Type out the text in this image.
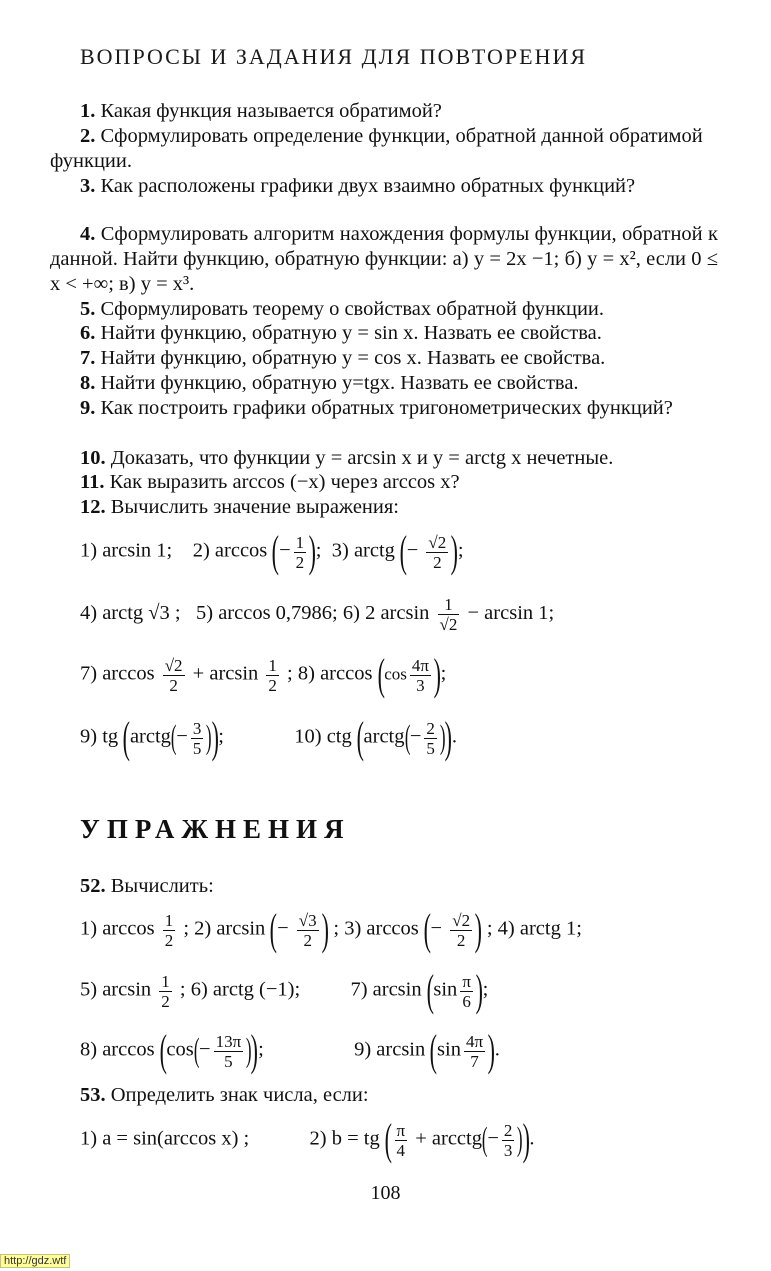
ВОПРОСЫ И ЗАДАНИЯ ДЛЯ ПОВТОРЕНИЯ
1. Какая функция называется обратимой?
2. Сформулировать определение функции, обратной данной обратимой функции.
3. Как расположены графики двух взаимно обратных функций?
4. Сформулировать алгоритм нахождения формулы функции, обратной к данной. Найти функцию, обратную функции: а) y = 2x −1; б) y = x², если 0 ≤ x < +∞; в) y = x³.
5. Сформулировать теорему о свойствах обратной функции.
6. Найти функцию, обратную y = sin x. Назвать ее свойства.
7. Найти функцию, обратную y = cos x. Назвать ее свойства.
8. Найти функцию, обратную y=tgx. Назвать ее свойства.
9. Как построить графики обратных тригонометрических функций?
10. Доказать, что функции y = arcsin x и y = arctg x нечетные.
11. Как выразить arccos (−x) через arccos x?
12. Вычислить значение выражения:
1) arcsin 1; 2) arccos (− $\frac{1}{2}$ );  3) arctg (− $\frac{√2}{2}$ );
4) arctg √3 ; 5) arccos 0,7986; 6) 2 $\arcsin \frac{1}{√2} - \arcsin 1$;
7) $\arccos \frac{√2}{2} + \arcsin \frac{1}{2}$ ; 8) $\arccos (\cos \frac{4\pi}{3}$ );
9) tg (arctg(− $\frac{3}{5}$ ));	10) ctg (arctg(− $\frac{2}{5}$ )).
УПРАЖНЕНИЯ
52. Вычислить:
1) $\arccos \frac{1}{2}$ ; 2) arcsin (− $\frac{√3}{2}$ ) ; 3) arccos (− $\frac{√2}{2}$ ) ; 4) arctg 1;
5) $\arcsin \frac{1}{2}$ ; 6) arctg (−1); 7) $\arcsin (\sin \frac{\pi}{6}$ );
8) $\arccos (\cos(- \frac{13\pi}{5}$ ));	9) $\arcsin (\sin \frac{4\pi}{7}$ ).
53. Определить знак числа, если:
1) a = sin(arccos x) ;	2) b = tg ( $\frac{\pi}{4}$ + arcctg(− $\frac{2}{3}$ )).
108
http://gdz.wtf
